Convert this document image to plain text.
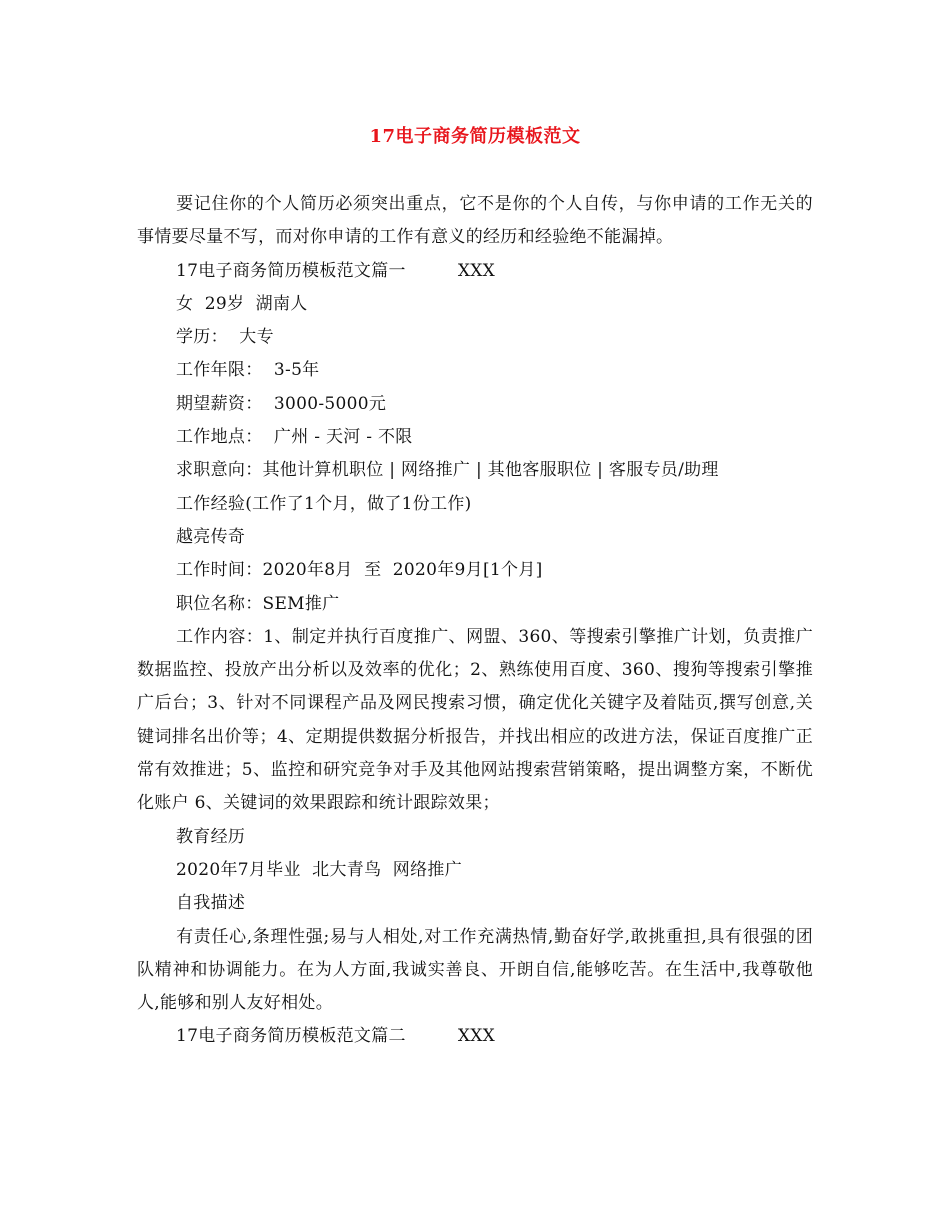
17电子商务简历模板范文

要记住你的个人简历必须突出重点，它不是你的个人自传，与你申请的工作无关的事情要尽量不写，而对你申请的工作有意义的经历和经验绝不能漏掉。

17电子商务简历模板范文篇一	XXX
女  29岁  湖南人
学历：  大专
工作年限：  3-5年
期望薪资：  3000-5000元
工作地点：  广州 - 天河 - 不限
求职意向：其他计算机职位 | 网络推广 | 其他客服职位 | 客服专员/助理
工作经验(工作了1个月，做了1份工作)
越亮传奇
工作时间：2020年8月  至  2020年9月[1个月]
职位名称：SEM推广

工作内容：1、制定并执行百度推广、网盟、360、等搜索引擎推广计划，负责推广数据监控、投放产出分析以及效率的优化；2、熟练使用百度、360、搜狗等搜索引擎推广后台；3、针对不同课程产品及网民搜索习惯，确定优化关键字及着陆页,撰写创意,关键词排名出价等；4、定期提供数据分析报告，并找出相应的改进方法，保证百度推广正常有效推进；5、监控和研究竞争对手及其他网站搜索营销策略，提出调整方案，不断优化账户 6、关键词的效果跟踪和统计跟踪效果；

教育经历
2020年7月毕业  北大青鸟  网络推广
自我描述

有责任心,条理性强;易与人相处,对工作充满热情,勤奋好学,敢挑重担,具有很强的团队精神和协调能力。在为人方面,我诚实善良、开朗自信,能够吃苦。在生活中,我尊敬他人,能够和别人友好相处。

17电子商务简历模板范文篇二	XXX
